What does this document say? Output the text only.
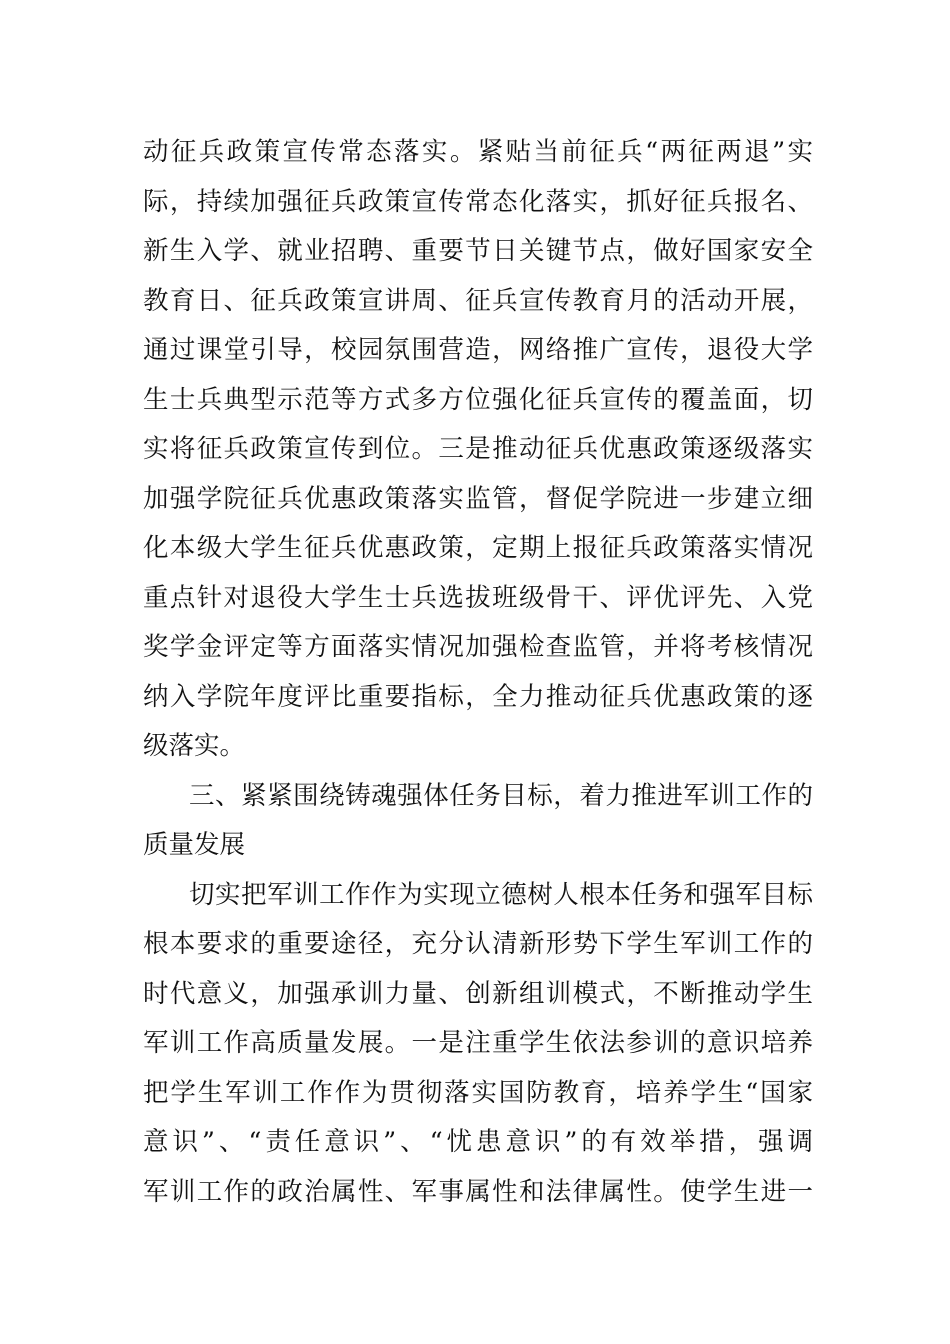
动征兵政策宣传常态落实。紧贴当前征兵“两征两退”实
际，持续加强征兵政策宣传常态化落实，抓好征兵报名、
新生入学、就业招聘、重要节日关键节点，做好国家安全
教育日、征兵政策宣讲周、征兵宣传教育月的活动开展，
通过课堂引导，校园氛围营造，网络推广宣传，退役大学
生士兵典型示范等方式多方位强化征兵宣传的覆盖面，切
实将征兵政策宣传到位。三是推动征兵优惠政策逐级落实
加强学院征兵优惠政策落实监管，督促学院进一步建立细
化本级大学生征兵优惠政策，定期上报征兵政策落实情况
重点针对退役大学生士兵选拔班级骨干、评优评先、入党
奖学金评定等方面落实情况加强检查监管，并将考核情况
纳入学院年度评比重要指标，全力推动征兵优惠政策的逐
级落实。
三、紧紧围绕铸魂强体任务目标，着力推进军训工作的
质量发展
切实把军训工作作为实现立德树人根本任务和强军目标
根本要求的重要途径，充分认清新形势下学生军训工作的
时代意义，加强承训力量、创新组训模式，不断推动学生
军训工作高质量发展。一是注重学生依法参训的意识培养
把学生军训工作作为贯彻落实国防教育，培养学生“国家
意识”、“责任意识”、“忧患意识”的有效举措，强调
军训工作的政治属性、军事属性和法律属性。使学生进一
